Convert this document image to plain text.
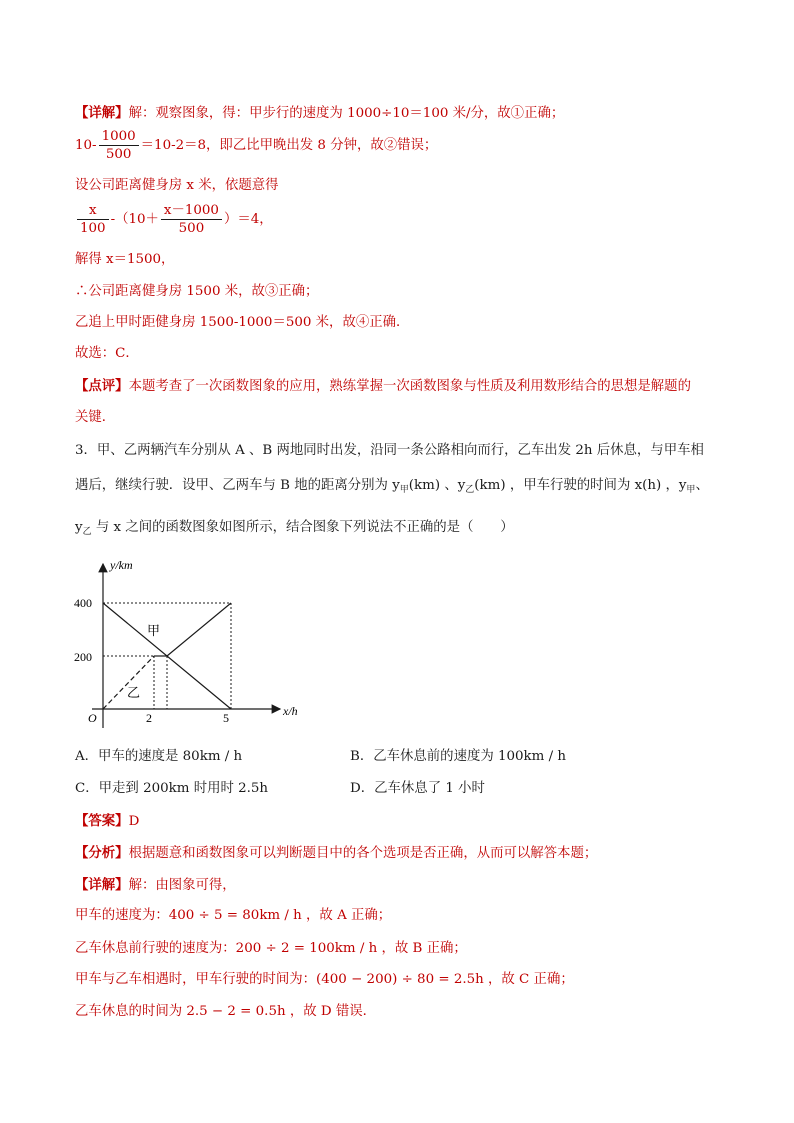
【详解】解：观察图象，得：甲步行的速度为 1000÷10＝100 米/分，故①正确；
$10- \frac{1000}{500} =10-2=8$，即乙比甲晚出发 8 分钟，故②错误；
设公司距离健身房 x 米，依题意得
$\frac{x}{100} -(10+ \frac{x-1000}{500} )=4$，
解得 x＝1500，
∴公司距离健身房 1500 米，故③正确；
乙追上甲时距健身房 1500-1000＝500 米，故④正确．
故选：C．
【点评】本题考查了一次函数图象的应用，熟练掌握一次函数图象与性质及利用数形结合的思想是解题的
关键．
3．甲、乙两辆汽车分别从 A 、B 两地同时出发，沿同一条公路相向而行，乙车出发 2h 后休息，与甲车相
遇后，继续行驶．设甲、乙两车与 B 地的距离分别为 $y_甲(km)$ 、$y_乙(km)$ ，甲车行驶的时间为 x(h) ，$y_甲$、
$y_乙$ 与 x 之间的函数图象如图所示，结合图象下列说法不正确的是（　　）
y/km
x/h
O
400
200
2	5
甲
乙
A．甲车的速度是 80km / h	B．乙车休息前的速度为 100km / h
C．甲走到 200km 时用时 2.5h	D．乙车休息了 1 小时
【答案】D
【分析】根据题意和函数图象可以判断题目中的各个选项是否正确，从而可以解答本题；
【详解】解：由图象可得，
甲车的速度为：400 ÷ 5 = 80km / h ，故 A 正确；
乙车休息前行驶的速度为：200 ÷ 2 = 100km / h ，故 B 正确；
甲车与乙车相遇时，甲车行驶的时间为：(400 − 200) ÷ 80 = 2.5h ，故 C 正确；
乙车休息的时间为 2.5 − 2 = 0.5h ，故 D 错误．
